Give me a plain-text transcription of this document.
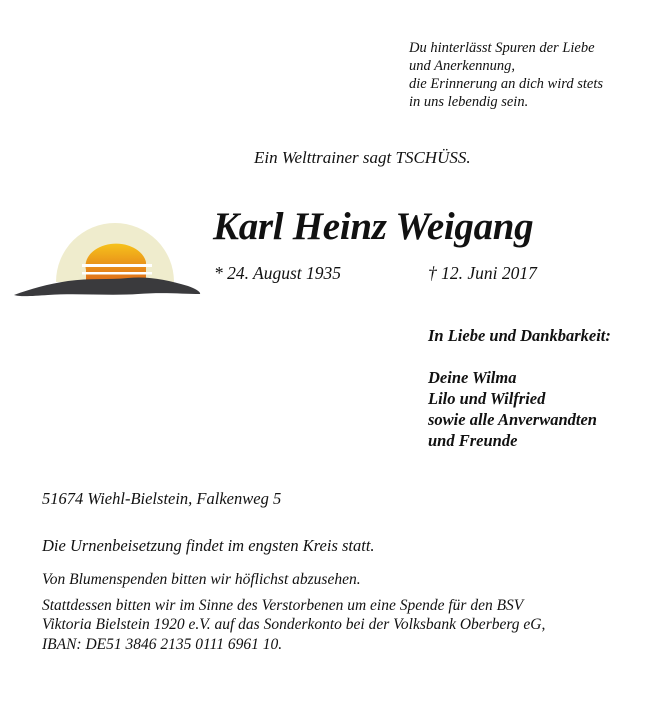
Du hinterlässt Spuren der Liebe
und Anerkennung,
die Erinnerung an dich wird stets
in uns lebendig sein.
Ein Welttrainer sagt TSCHÜSS.
Karl Heinz Weigang
* 24. August 1935	† 12. Juni 2017
In Liebe und Dankbarkeit:
Deine Wilma
Lilo und Wilfried
sowie alle Anverwandten
und Freunde
51674 Wiehl-Bielstein, Falkenweg 5
Die Urnenbeisetzung findet im engsten Kreis statt.
Von Blumenspenden bitten wir höflichst abzusehen.
Stattdessen bitten wir im Sinne des Verstorbenen um eine Spende für den BSV
Viktoria Bielstein 1920 e.V. auf das Sonderkonto bei der Volksbank Oberberg eG,
IBAN: DE51 3846 2135 0111 6961 10.
